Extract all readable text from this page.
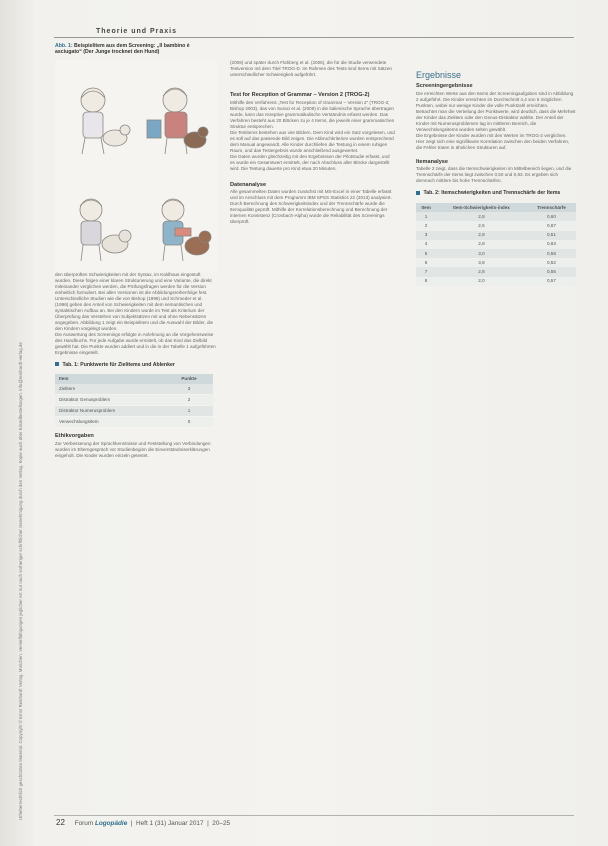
Theorie und Praxis
Urheberrechtlich geschütztes Material. Copyright © Ernst Reinhardt Verlag, München. Vervielfältigungen jeglicher Art nur nach vorheriger schriftlicher Genehmigung durch den Verlag. Kopie auch über Einzelbestellungen. info@reinhardt-verlag.de
Abb. 1: Beispielitem aus dem Screening: „Il bambino è asciugato“ (Der Junge trocknet den Hund)

den überprüften Schwierigkeiten mit der Syntax, im Kaldhaus eingestuft wurden. Diese folgen einer klaren Strukturierung und eine Variante, die direkt miteinander verglichen werden, die Prüfungsfragen werden für die Version einheitlich formuliert. Bei allen Versionen ist die Abbildungsreihenfolge fest.

Unterschiedliche Studien wie die von Bishop (1998) und Schroeder et al. (1996) geben den Anteil von Schwierigkeiten mit dem semantischen und syntaktischen Aufbau an. Bei den Kindern wurde im Test als Kriterium der Überprüfung das Verstehen von Subjektsätzen mit und ohne Nebensätzen angegeben. Abbildung 1 zeigt ein Beispielitem und die Auswahl der Bilder, die den Kindern vorgelegt wurden.

Die Auswertung des Screenings erfolgte in Anlehnung an die Vorgehensweise des Handbuchs. Für jede Aufgabe wurde ermittelt, ob das Kind das Zielbild gewählt hat. Die Punkte wurden addiert und in die in der Tabelle 1 aufgeführten Ergebnisse eingeteilt.

Tab. 1: Punktwerte für Zielitems und Ablenker
Item	Punkte
Zielitem	3
Distraktor Genusproblem	2
Distraktor Numerusproblem	1
Verwechslungsitem	0
Ethikvorgaben

Zur Verbesserung der Sprachkenntnisse und Feststellung von Verbindungen wurden im Elterngespräch vor Studienbeginn die Einverständniserklärungen eingeholt. Die Kinder wurden einzeln getestet.

(2006) und später durch Flahberg et al. (2006), die für die Studie verwendete Testversion mit dem Titel TROG-D. Im Rahmen des Tests sind Items mit Sätzen unterschiedlicher Schwierigkeit aufgeführt.

Test for Reception of Grammar – Version 2 (TROG-2)

Mithilfe des Verfahrens „Test for Reception of Grammar – Version 2“ (TROG-2; Bishop 2003), das von Suraci et al. (2009) in die italienische Sprache übertragen wurde, kann das rezeptive grammatikalische Verständnis erfasst werden. Das Verfahren besteht aus 20 Blöcken zu je 4 Items, die jeweils einer grammatischen Struktur entsprechen.

Die Testitems bestehen aus vier Bildern. Dem Kind wird ein Satz vorgelesen, und es soll auf das passende Bild zeigen. Die Abbruchkriterien wurden entsprechend dem Manual angewandt. Alle Kinder durchliefen die Testung in einem ruhigen Raum, und das Testergebnis wurde anschließend ausgewertet.

Die Daten wurden gleichzeitig mit den Ergebnissen der Pilotstudie erfasst, und es wurde ein Gesamtwert ermittelt, der nach Abschluss aller Blöcke dargestellt wird. Die Testung dauerte pro Kind etwa 20 Minuten.

Datenanalyse

Alle gesammelten Daten wurden zunächst mit MS-Excel in einer Tabelle erfasst und im Anschluss mit dem Programm IBM SPSS Statistics 22 (2013) analysiert. Durch Berechnung des Schwierigkeitsindex und der Trennschärfe wurde die Itemqualität geprüft. Mithilfe der Korrelationsberechnung und Berechnung der internen Konsistenz (Cronbach-Alpha) wurde die Reliabilität des Screenings überprüft.

Ergebnisse
Screeningergebnisse

Die erreichten Werte aus den Items der Screeningaufgaben sind in Abbildung 2 aufgeführt. Die Kinder erreichten im Durchschnitt 4,4 von 5 möglichen Punkten, wobei nur wenige Kinder die volle Punktzahl erreichten.

Betrachtet man die Verteilung der Punktwerte, wird deutlich, dass die Mehrheit der Kinder das Zielitem oder den Genus-Distraktor wählte. Der Anteil der Kinder mit Numerusproblemen lag im mittleren Bereich, die Verwechslungsitems wurden selten gewählt.

Die Ergebnisse der Kinder wurden mit den Werten im TROG-2 verglichen. Hier zeigt sich eine signifikante Korrelation zwischen den beiden Verfahren, die Fehler traten in ähnlichen Strukturen auf.

Itemanalyse

Tabelle 2 zeigt, dass die Itemschwierigkeiten im Mittelbereich liegen, und die Trennschärfe der Items liegt zwischen 0,50 und 0,63. Es ergeben sich demnach mittlere bis hohe Trennschärfen.

Tab. 2: Itemschwierigkeiten und Trennschärfe der Items
Item	Item-Schwierigkeits-index	Trennschärfe
1	2,8	0,60
2	2,5	0,67
3	2,8	0,51
4	2,8	0,63
5	3,0	0,58
6	3,8	0,52
7	2,8	0,55
8	2,0	0,57
22 Forum Logopädie  |  Heft 1 (31) Januar 2017  |  20–25
